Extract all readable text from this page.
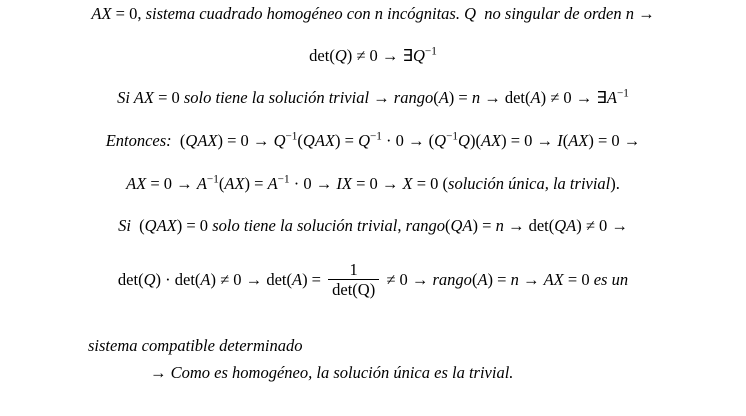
AX = 0, sistema cuadrado homogéneo con n incógnitas. Q no singular de orden n →
$\det(Q) \ne 0 \to \exists Q^{-1}$
Si AX = 0 solo tiene la solución trivial → rango(A) = $n \to \det(A) \ne 0 \to \exists A^{-1}$
Entonces:  $(QAX) = 0 \to Q^{-1}(QAX) = Q^{-1} \cdot 0 \to (Q^{-1}Q)(AX) = 0 \to I(AX) = 0$ →
AX = $0 \to A^{-1}(AX) = A^{-1} \cdot 0$ → IX = 0 → X = 0 (solución única, la trivial).
Si  (QAX) = 0 solo tiene la solución trivial, rango(QA) = n → det(QA) ≠ 0 →
$\det(Q) \cdot \det(A) \ne 0 \to \det(A) = \frac{1}{\det(Q)} \ne 0$ → rango(A) = n → AX = 0 es un
sistema compatible determinado
→ Como es homogéneo, la solución única es la trivial.
